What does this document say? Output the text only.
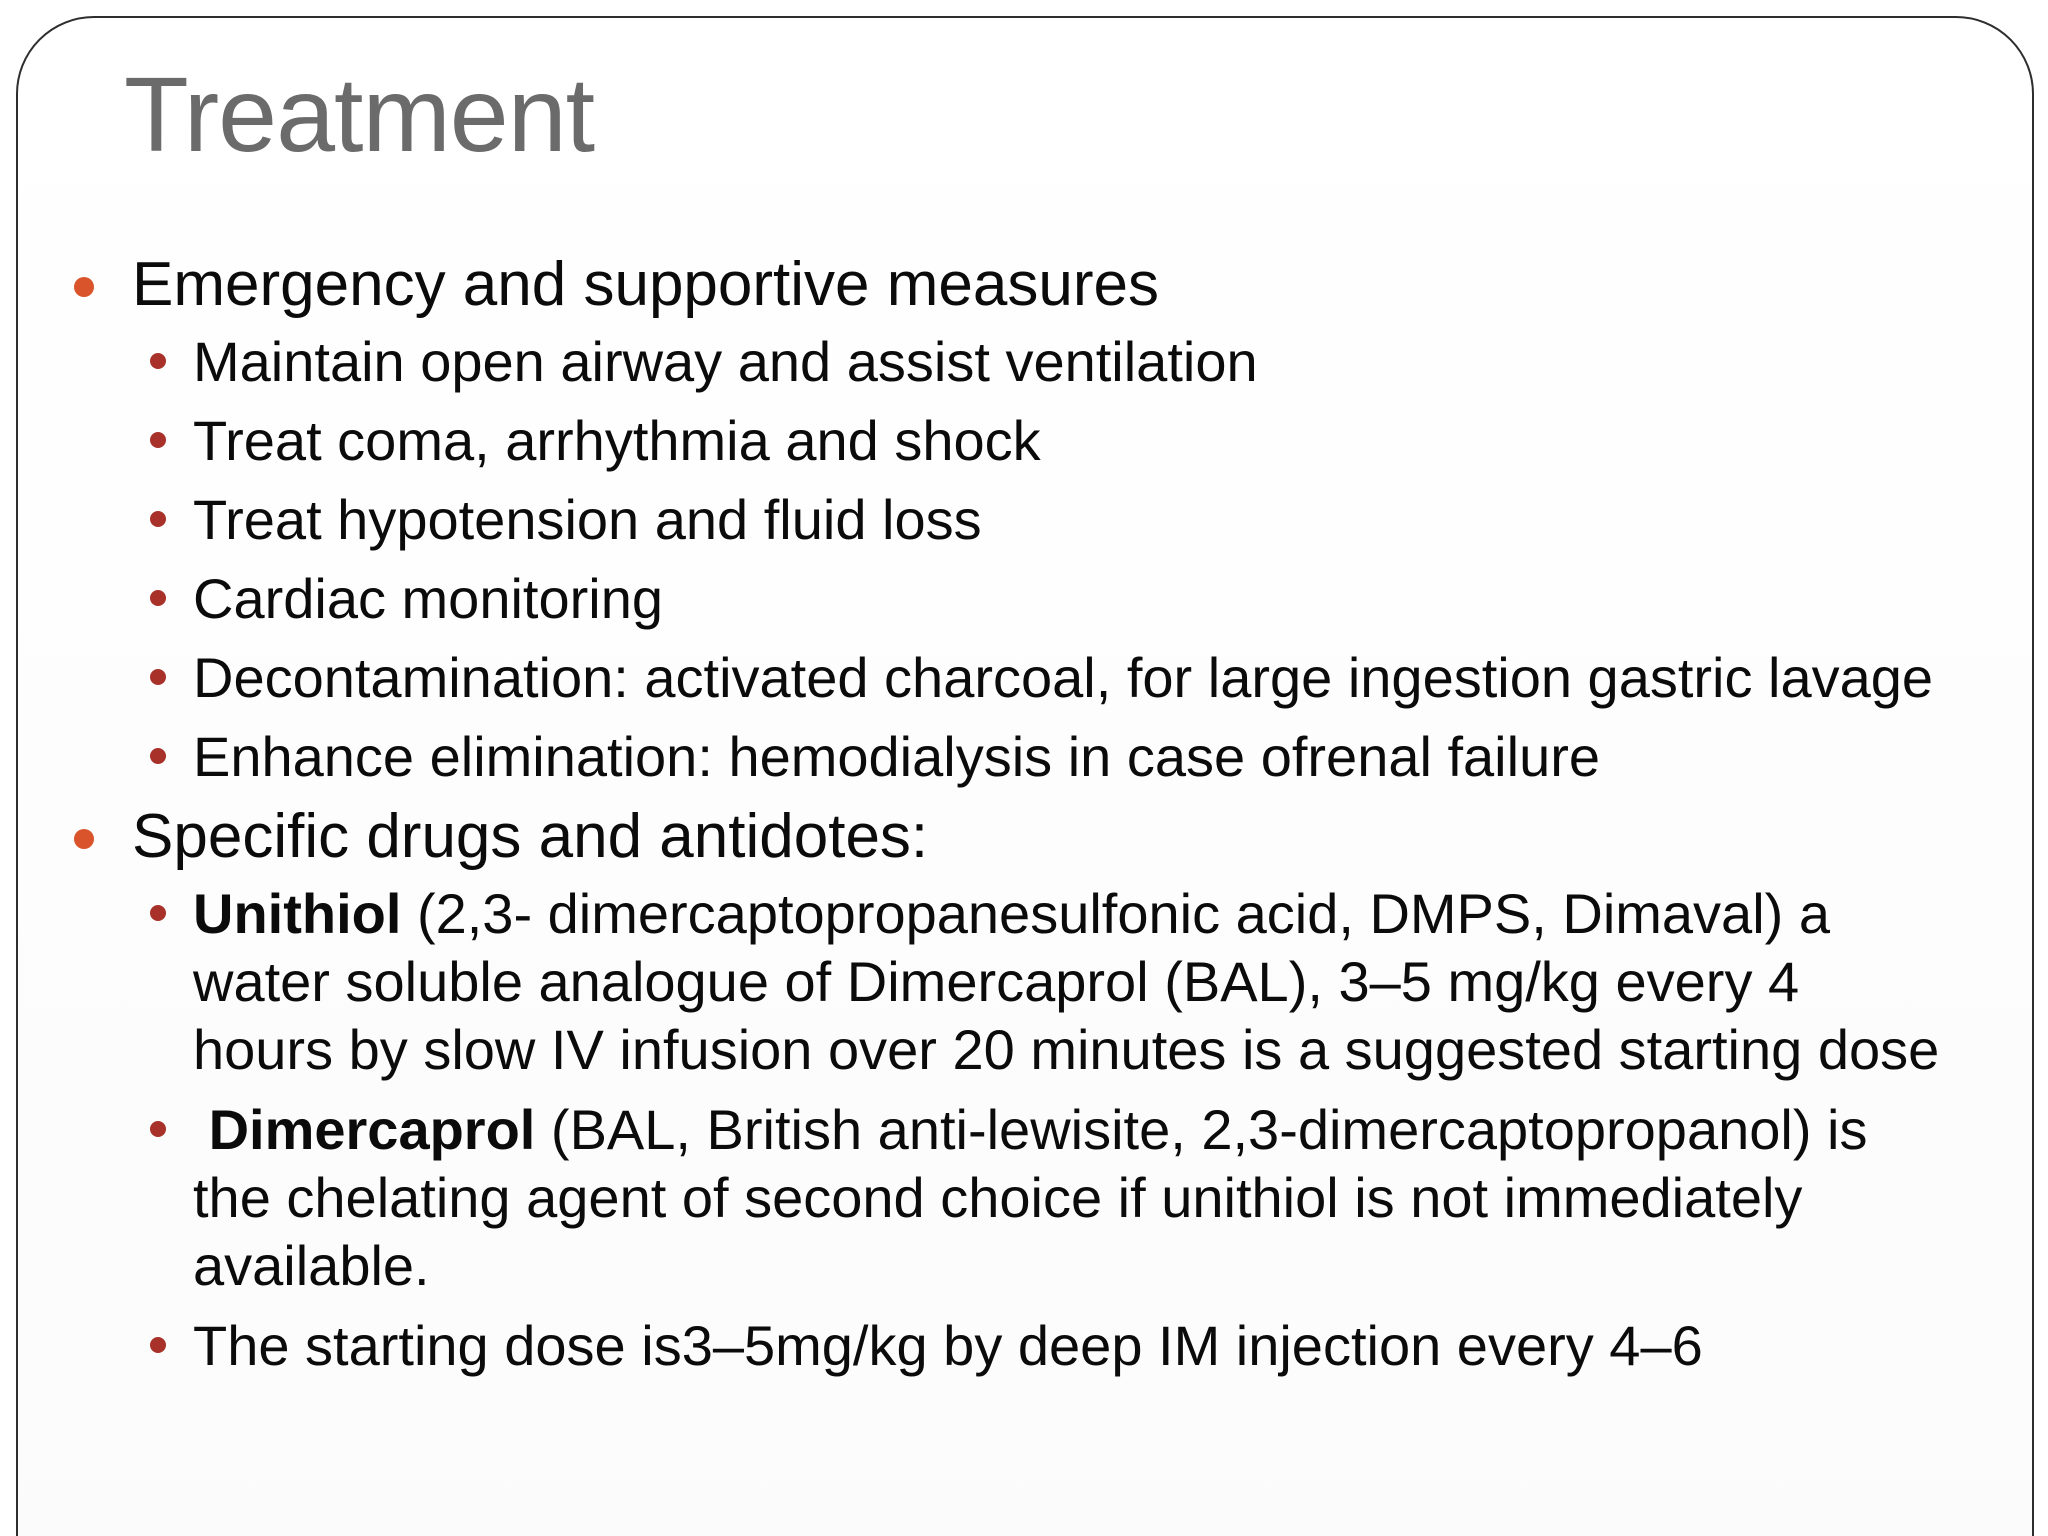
Treatment
Emergency and supportive measures
Maintain open airway and assist ventilation
Treat coma, arrhythmia and shock
Treat hypotension and fluid loss
Cardiac monitoring
Decontamination: activated charcoal, for large ingestion gastric lavage
Enhance elimination: hemodialysis in case ofrenal failure
Specific drugs and antidotes:
Unithiol (2,3- dimercaptopropanesulfonic acid, DMPS, Dimaval) a water soluble analogue of Dimercaprol (BAL), 3–5 mg/kg every 4 hours by slow IV infusion over 20 minutes is a suggested starting dose
Dimercaprol (BAL, British anti-lewisite, 2,3-dimercaptopropanol) is the chelating agent of second choice if unithiol is not immediately available.
The starting dose is3–5mg/kg by deep IM injection every 4–6
